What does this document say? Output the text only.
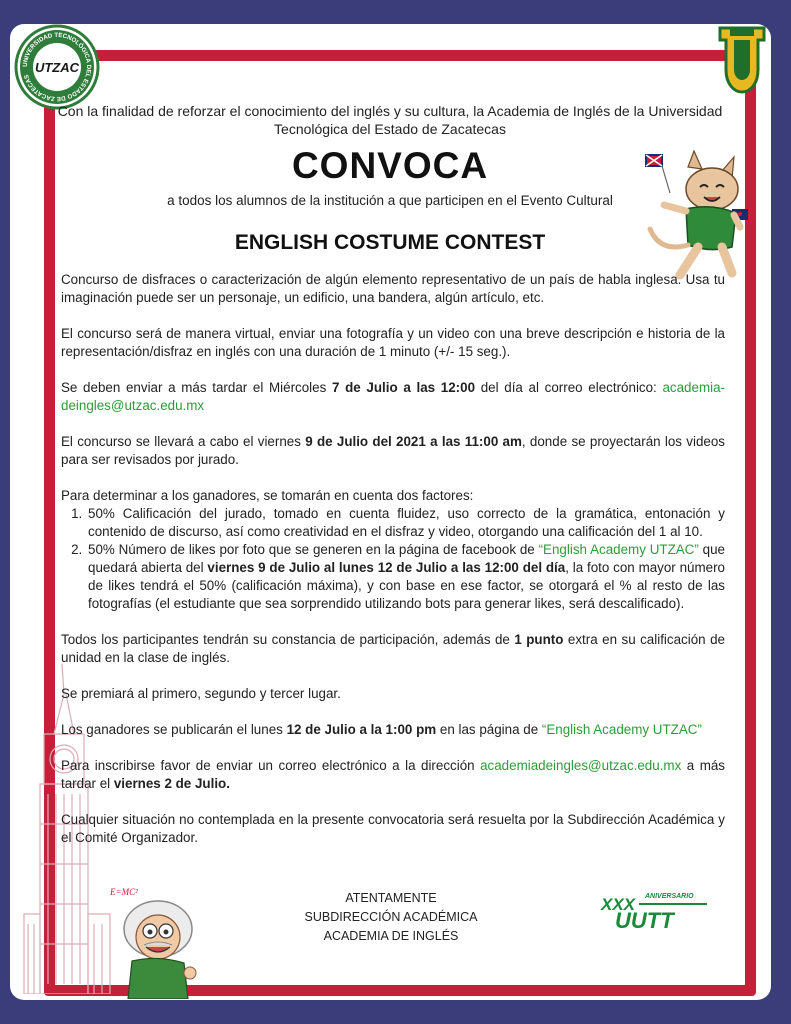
UNIVERSIDAD TECNOLÓGICA DEL ESTADO DE ZACATECAS
UTZAC
E=MC²
XXX ANIVERSARIO
UUTT
Con la finalidad de reforzar el conocimiento del inglés y su cultura, la Academia de Inglés de la Universidad Tecnológica del Estado de Zacatecas
CONVOCA
a todos los alumnos de la institución a que participen en el Evento Cultural
ENGLISH COSTUME CONTEST

Concurso de disfraces o caracterización de algún elemento representativo de un país de habla inglesa. Usa tu imaginación puede ser un personaje, un edificio, una bandera, algún artículo, etc.

El concurso será de manera virtual, enviar una fotografía y un video con una breve descripción e historia de la representación/disfraz en inglés con una duración de 1 minuto (+/- 15 seg.).

Se deben enviar a más tardar el Miércoles 7 de Julio a las 12:00 del día al correo electrónico: academia-deingles@utzac.edu.mx

El concurso se llevará a cabo el viernes 9 de Julio del 2021 a las 11:00 am, donde se proyectarán los videos para ser revisados por jurado.

Para determinar a los ganadores, se tomarán en cuenta dos factores:

1. 50% Calificación del jurado, tomado en cuenta fluidez, uso correcto de la gramática, entonación y contenido de discurso, así como creatividad en el disfraz y video, otorgando una calificación del 1 al 10.
2. 50% Número de likes por foto que se generen en la página de facebook de “English Academy UTZAC” que quedará abierta del viernes 9 de Julio al lunes 12 de Julio a las 12:00 del día, la foto con mayor número de likes tendrá el 50% (calificación máxima), y con base en ese factor, se otorgará el % al resto de las fotografías (el estudiante que sea sorprendido utilizando bots para generar likes, será descalificado).

Todos los participantes tendrán su constancia de participación, además de 1 punto extra en su calificación de unidad en la clase de inglés.

Se premiará al primero, segundo y tercer lugar.

Los ganadores se publicarán el lunes 12 de Julio a la 1:00 pm en las página de “English Academy UTZAC”

Para inscribirse favor de enviar un correo electrónico a la dirección academiadeingles@utzac.edu.mx a más tardar el viernes 2 de Julio.

Cualquier situación no contemplada en la presente convocatoria será resuelta por la Subdirección Académica y el Comité Organizador.

ATENTAMENTE
SUBDIRECCIÓN ACADÉMICA
ACADEMIA DE INGLÉS
